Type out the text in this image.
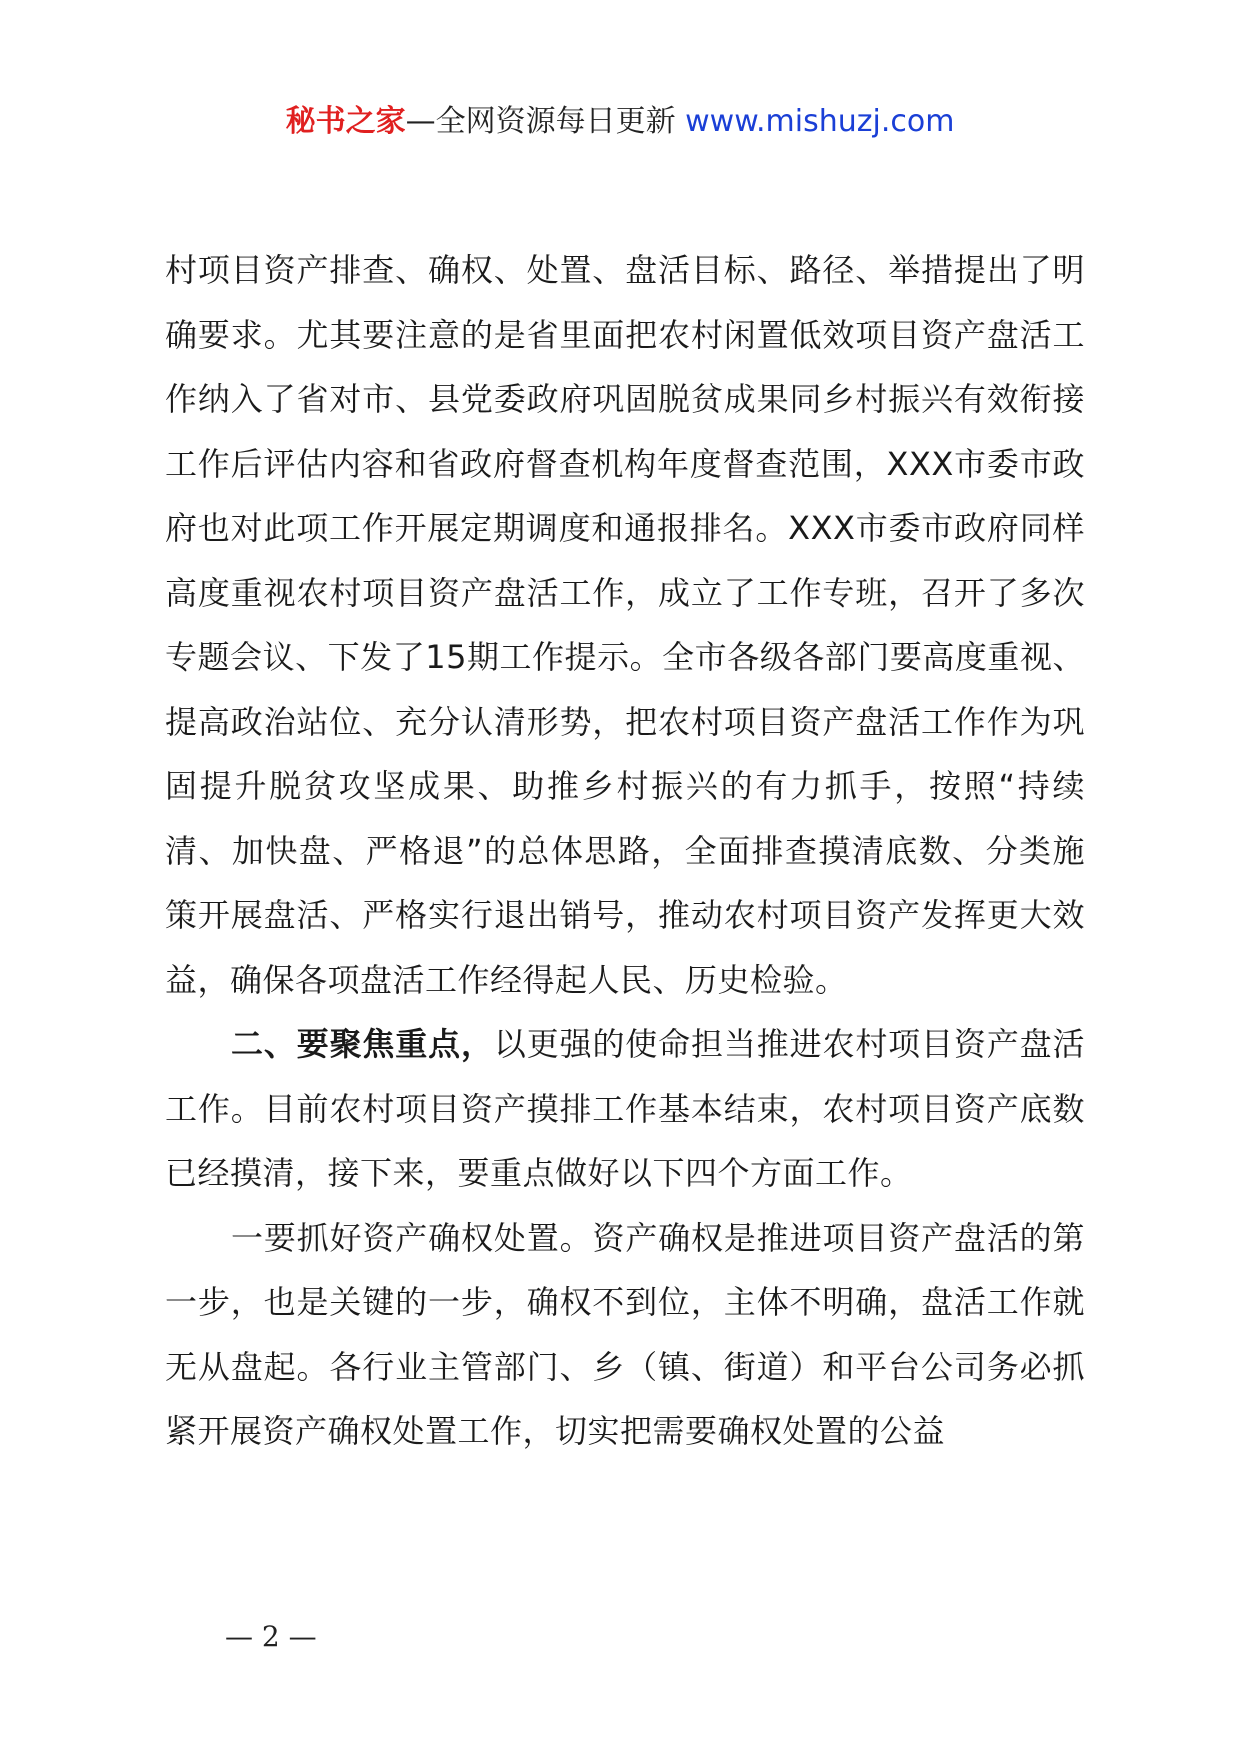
秘书之家—全网资源每日更新 www.mishuzj.com

村项目资产排查、确权、处置、盘活目标、路径、举措提出了明确要求。尤其要注意的是省里面把农村闲置低效项目资产盘活工作纳入了省对市、县党委政府巩固脱贫成果同乡村振兴有效衔接工作后评估内容和省政府督查机构年度督查范围，XXX市委市政府也对此项工作开展定期调度和通报排名。XXX市委市政府同样高度重视农村项目资产盘活工作，成立了工作专班，召开了多次专题会议、下发了15期工作提示。全市各级各部门要高度重视、提高政治站位、充分认清形势，把农村项目资产盘活工作作为巩固提升脱贫攻坚成果、助推乡村振兴的有力抓手，按照“持续清、加快盘、严格退”的总体思路，全面排查摸清底数、分类施策开展盘活、严格实行退出销号，推动农村项目资产发挥更大效益，确保各项盘活工作经得起人民、历史检验。

二、要聚焦重点，以更强的使命担当推进农村项目资产盘活工作。目前农村项目资产摸排工作基本结束，农村项目资产底数已经摸清，接下来，要重点做好以下四个方面工作。

一要抓好资产确权处置。资产确权是推进项目资产盘活的第一步，也是关键的一步，确权不到位，主体不明确，盘活工作就无从盘起。各行业主管部门、乡（镇、街道）和平台公司务必抓紧开展资产确权处置工作，切实把需要确权处置的公益

— 2 —
